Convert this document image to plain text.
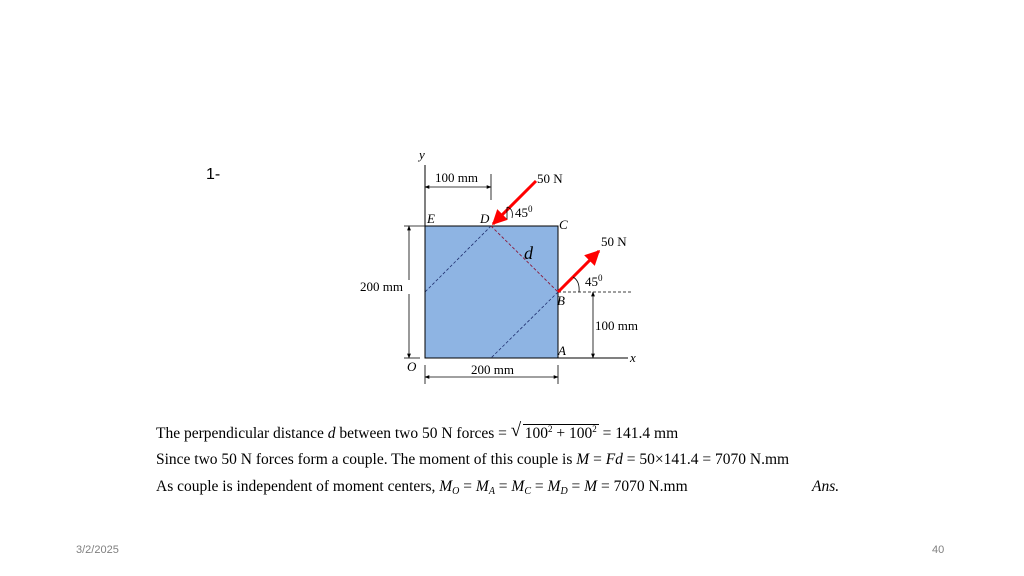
1-
y
x
O
E	D	C
B
A
d
50 N
50 N
$45^0$
$45^0$
100 mm
200 mm
200 mm
100 mm
The perpendicular distance d between two 50 N forces = √ $100^2 + 100^2 = 141.4$ mm
Since two 50 N forces form a couple. The moment of this couple is M = Fd = 50×141.4 = 7070 N.mm
As couple is independent of moment centers, $M_O = M_A = M_C = M_D = M = 7070$ N.mm	Ans.
3/2/2025	40
